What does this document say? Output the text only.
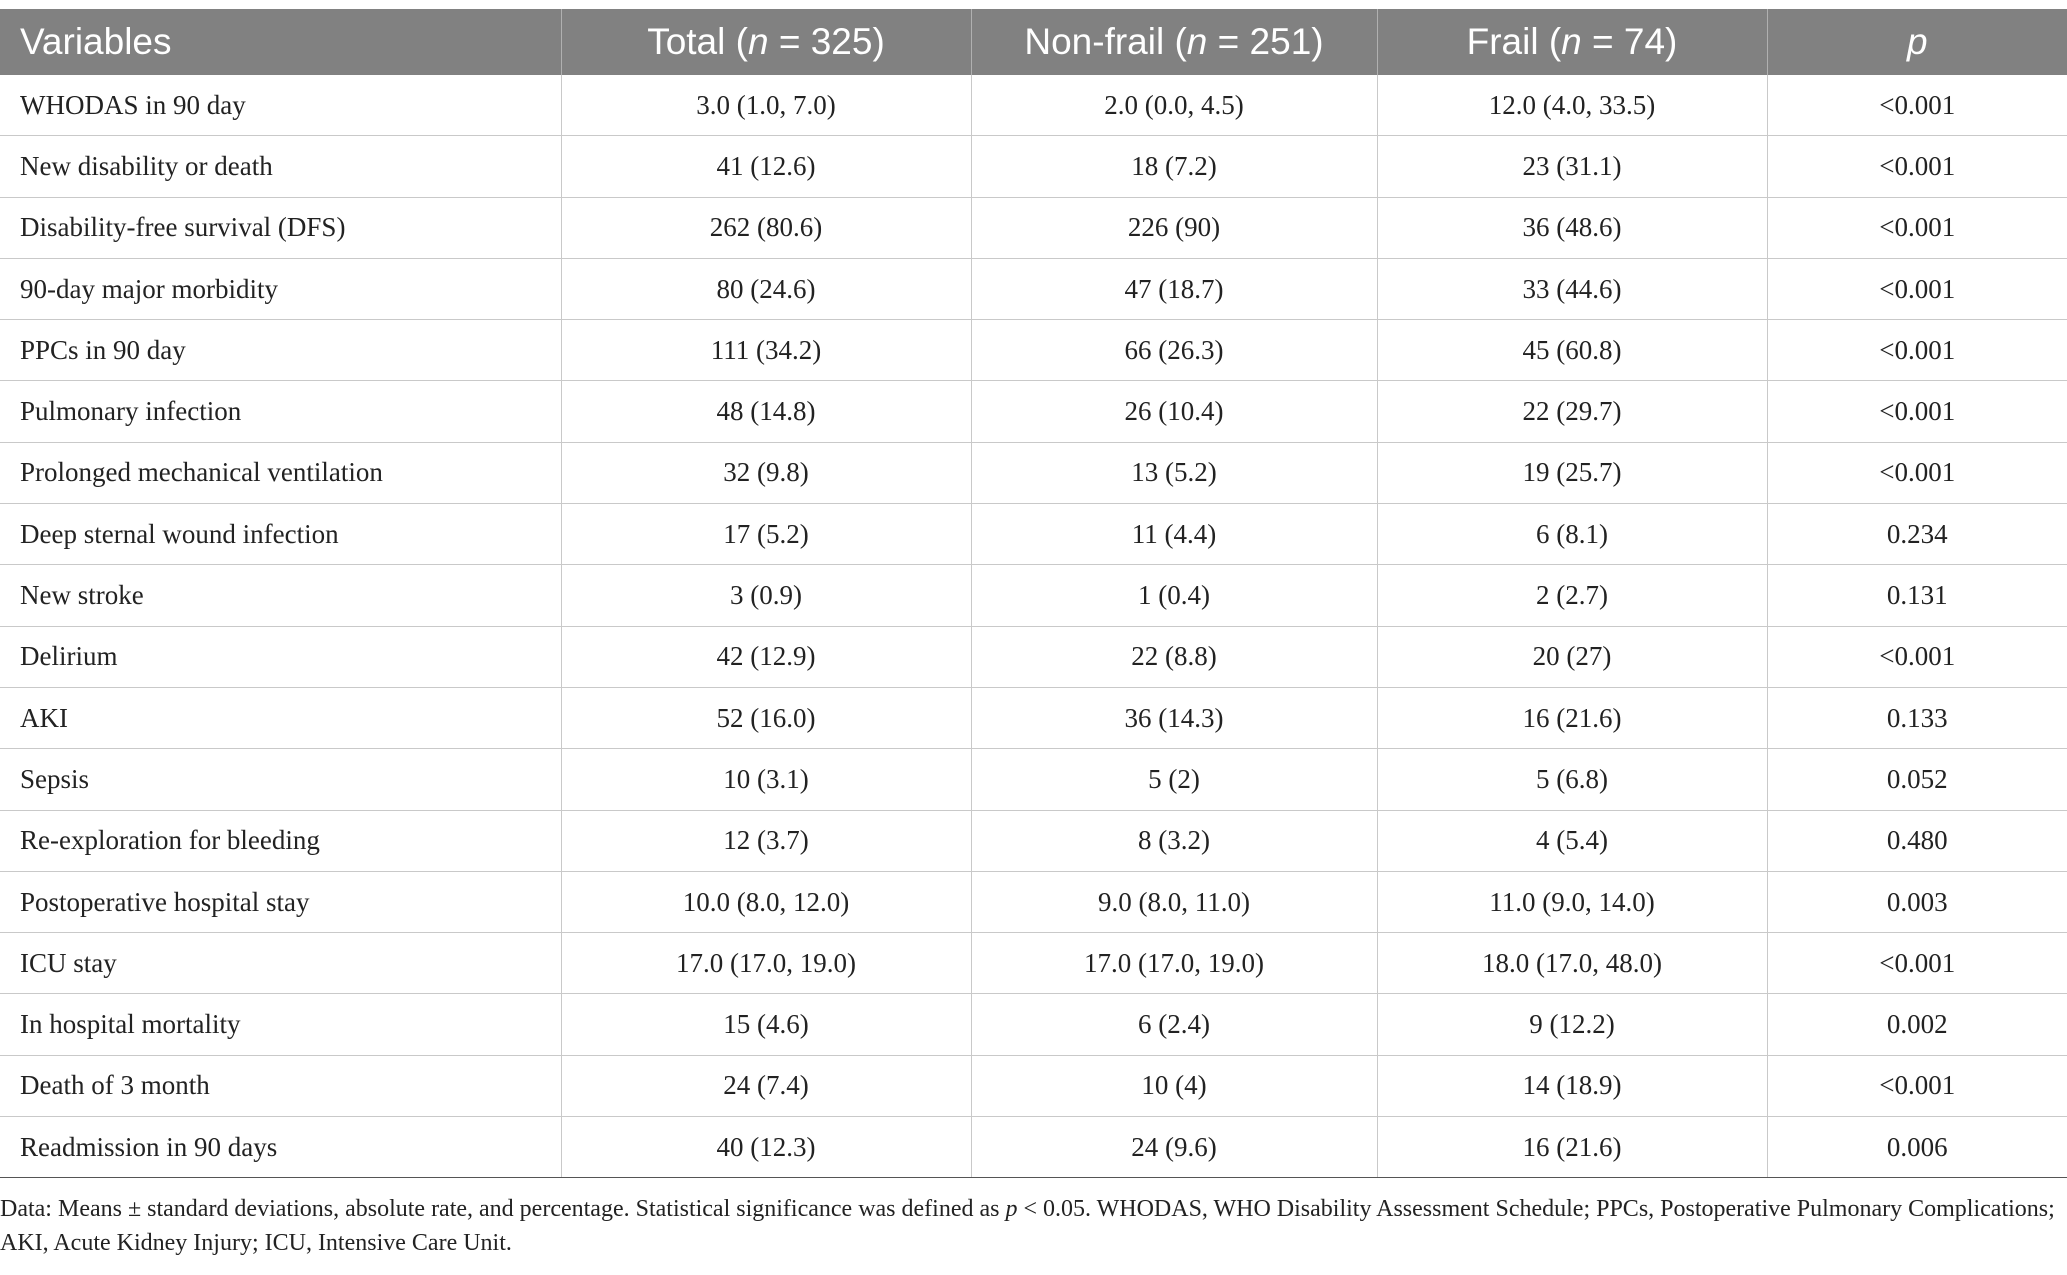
Variables	Total (n = 325)	Non-frail (n = 251)	Frail (n = 74)	p
WHODAS in 90 day	3.0 (1.0, 7.0)	2.0 (0.0, 4.5)	12.0 (4.0, 33.5)	<0.001
New disability or death	41 (12.6)	18 (7.2)	23 (31.1)	<0.001
Disability-free survival (DFS)	262 (80.6)	226 (90)	36 (48.6)	<0.001
90-day major morbidity	80 (24.6)	47 (18.7)	33 (44.6)	<0.001
PPCs in 90 day	111 (34.2)	66 (26.3)	45 (60.8)	<0.001
Pulmonary infection	48 (14.8)	26 (10.4)	22 (29.7)	<0.001
Prolonged mechanical ventilation	32 (9.8)	13 (5.2)	19 (25.7)	<0.001
Deep sternal wound infection	17 (5.2)	11 (4.4)	6 (8.1)	0.234
New stroke	3 (0.9)	1 (0.4)	2 (2.7)	0.131
Delirium	42 (12.9)	22 (8.8)	20 (27)	<0.001
AKI	52 (16.0)	36 (14.3)	16 (21.6)	0.133
Sepsis	10 (3.1)	5 (2)	5 (6.8)	0.052
Re-exploration for bleeding	12 (3.7)	8 (3.2)	4 (5.4)	0.480
Postoperative hospital stay	10.0 (8.0, 12.0)	9.0 (8.0, 11.0)	11.0 (9.0, 14.0)	0.003
ICU stay	17.0 (17.0, 19.0)	17.0 (17.0, 19.0)	18.0 (17.0, 48.0)	<0.001
In hospital mortality	15 (4.6)	6 (2.4)	9 (12.2)	0.002
Death of 3 month	24 (7.4)	10 (4)	14 (18.9)	<0.001
Readmission in 90 days	40 (12.3)	24 (9.6)	16 (21.6)	0.006
Data: Means ± standard deviations, absolute rate, and percentage. Statistical significance was defined as p < 0.05. WHODAS, WHO Disability Assessment Schedule; PPCs, Postoperative Pulmonary Complications; AKI, Acute Kidney Injury; ICU, Intensive Care Unit.
